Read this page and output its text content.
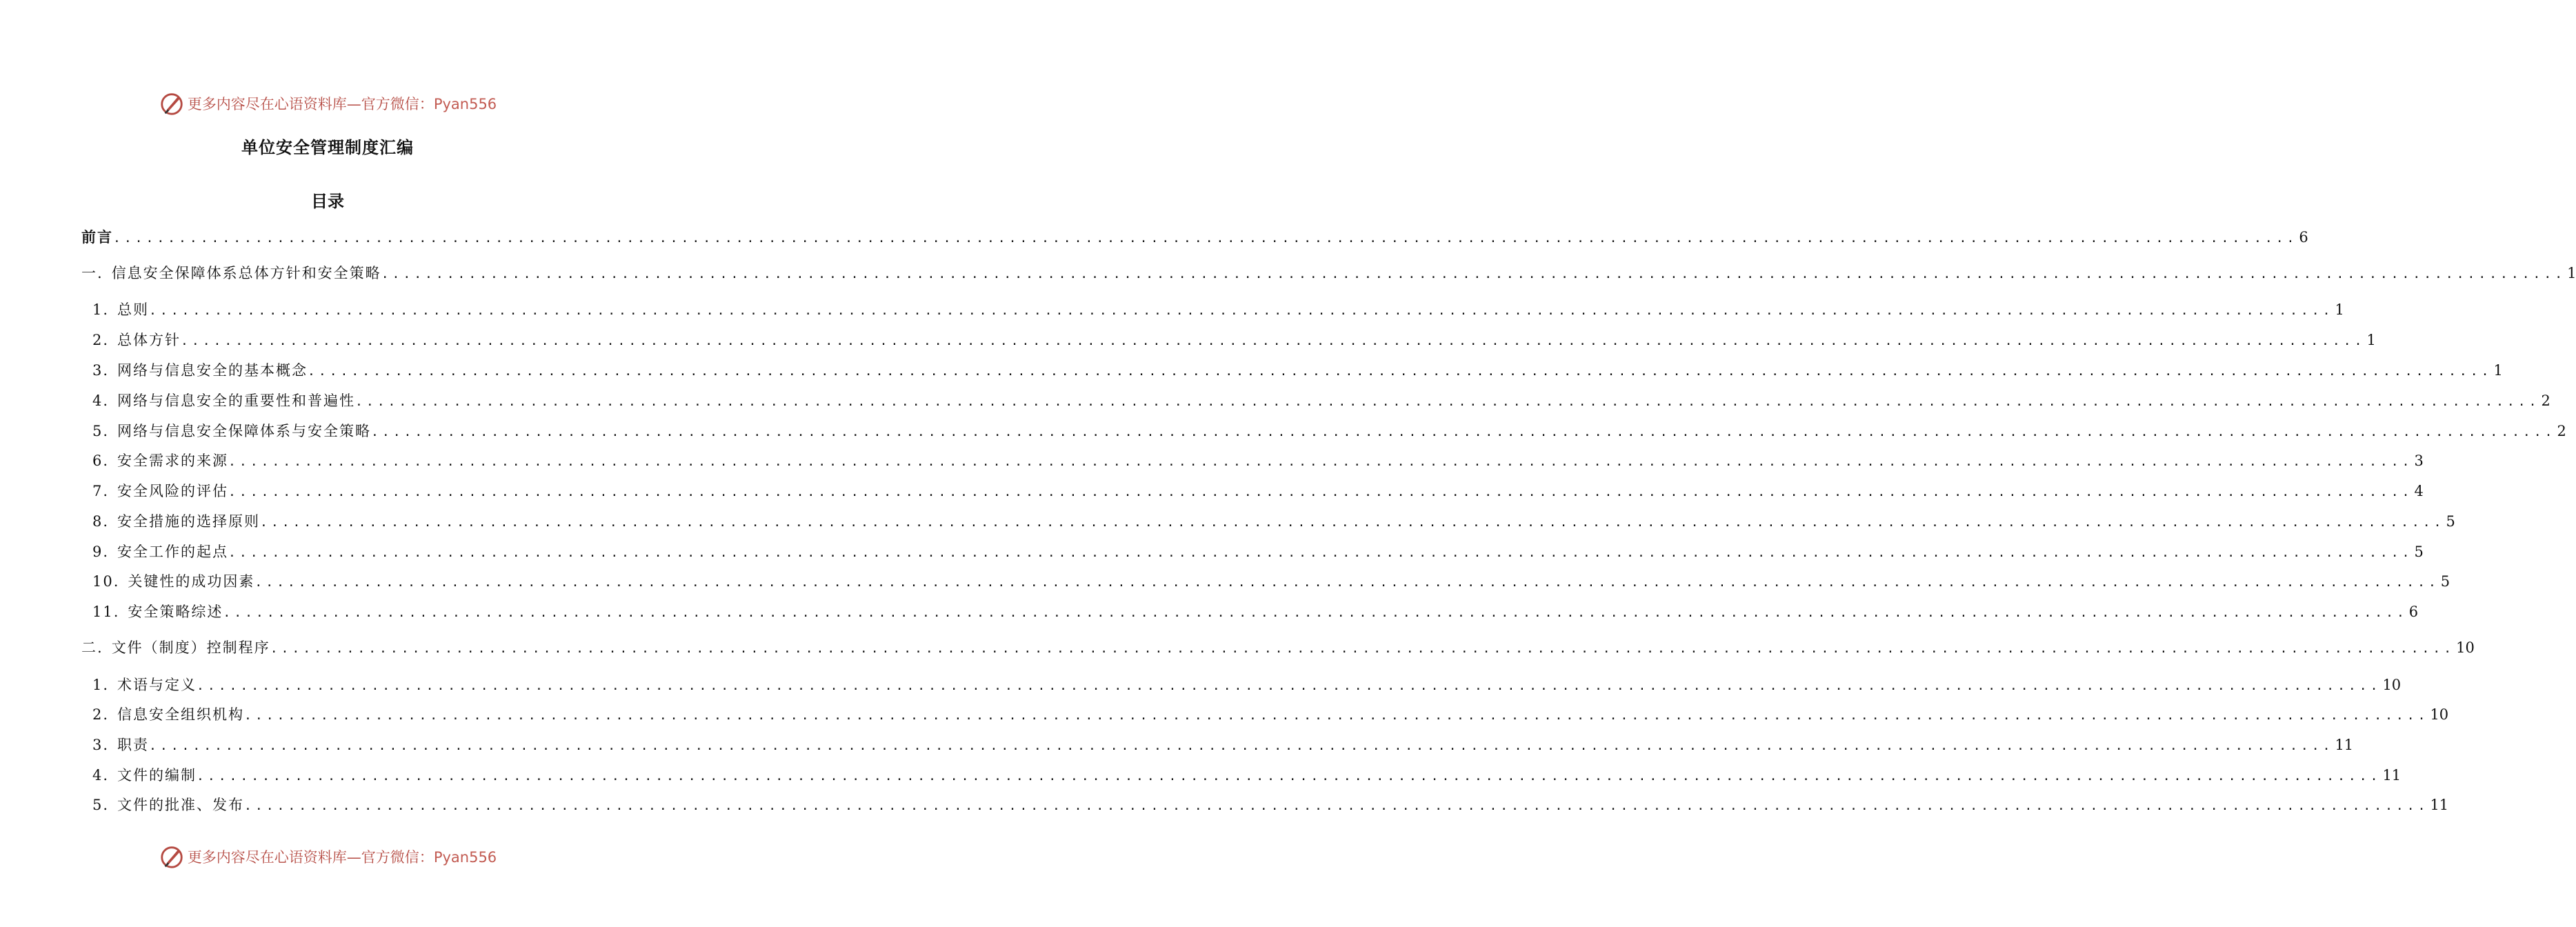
更多内容尽在心语资料库—官方微信：Pyan556
单位安全管理制度汇编
目录
前言 ........................................................................................................................................................................................................ 6
一. 信息安全保障体系总体方针和安全策略 ........................................................................................................................................................................................................ 1
1. 总则 ........................................................................................................................................................................................................ 1
2. 总体方针 ........................................................................................................................................................................................................ 1
3. 网络与信息安全的基本概念 ........................................................................................................................................................................................................ 1
4. 网络与信息安全的重要性和普遍性 ........................................................................................................................................................................................................ 2
5. 网络与信息安全保障体系与安全策略 ........................................................................................................................................................................................................ 2
6. 安全需求的来源 ........................................................................................................................................................................................................ 3
7. 安全风险的评估 ........................................................................................................................................................................................................ 4
8. 安全措施的选择原则 ........................................................................................................................................................................................................ 5
9. 安全工作的起点 ........................................................................................................................................................................................................ 5
10. 关键性的成功因素 ........................................................................................................................................................................................................ 5
11. 安全策略综述 ........................................................................................................................................................................................................ 6
二. 文件（制度）控制程序 ........................................................................................................................................................................................................ 10
1. 术语与定义 ........................................................................................................................................................................................................ 10
2. 信息安全组织机构 ........................................................................................................................................................................................................ 10
3. 职责 ........................................................................................................................................................................................................ 11
4. 文件的编制 ........................................................................................................................................................................................................ 11
5. 文件的批准、发布 ........................................................................................................................................................................................................ 11
更多内容尽在心语资料库—官方微信：Pyan556
